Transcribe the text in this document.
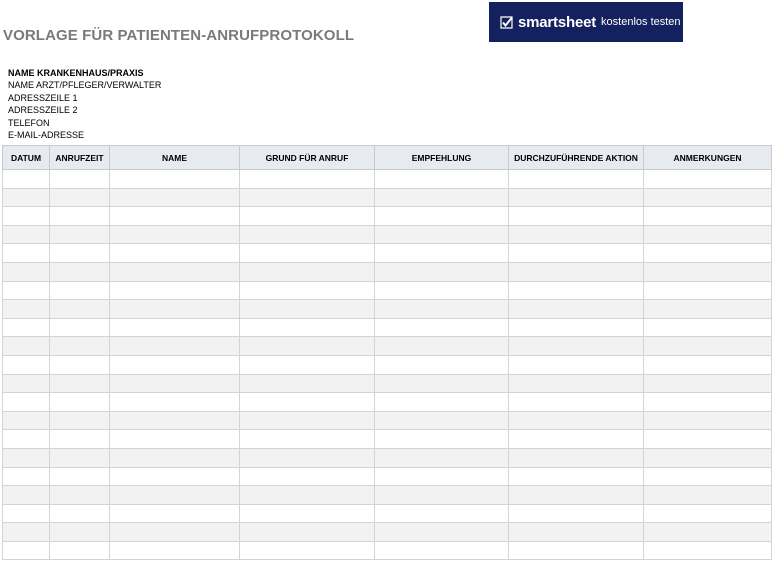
VORLAGE FÜR PATIENTEN-ANRUFPROTOKOLL
smartsheet kostenlos testen
NAME KRANKENHAUS/PRAXIS
NAME ARZT/PFLEGER/VERWALTER
ADRESSZEILE 1
ADRESSZEILE 2
TELEFON
E-MAIL-ADRESSE
DATUM	ANRUFZEIT	NAME	GRUND FÜR ANRUF	EMPFEHLUNG	DURCHZUFÜHRENDE AKTION	ANMERKUNGEN
